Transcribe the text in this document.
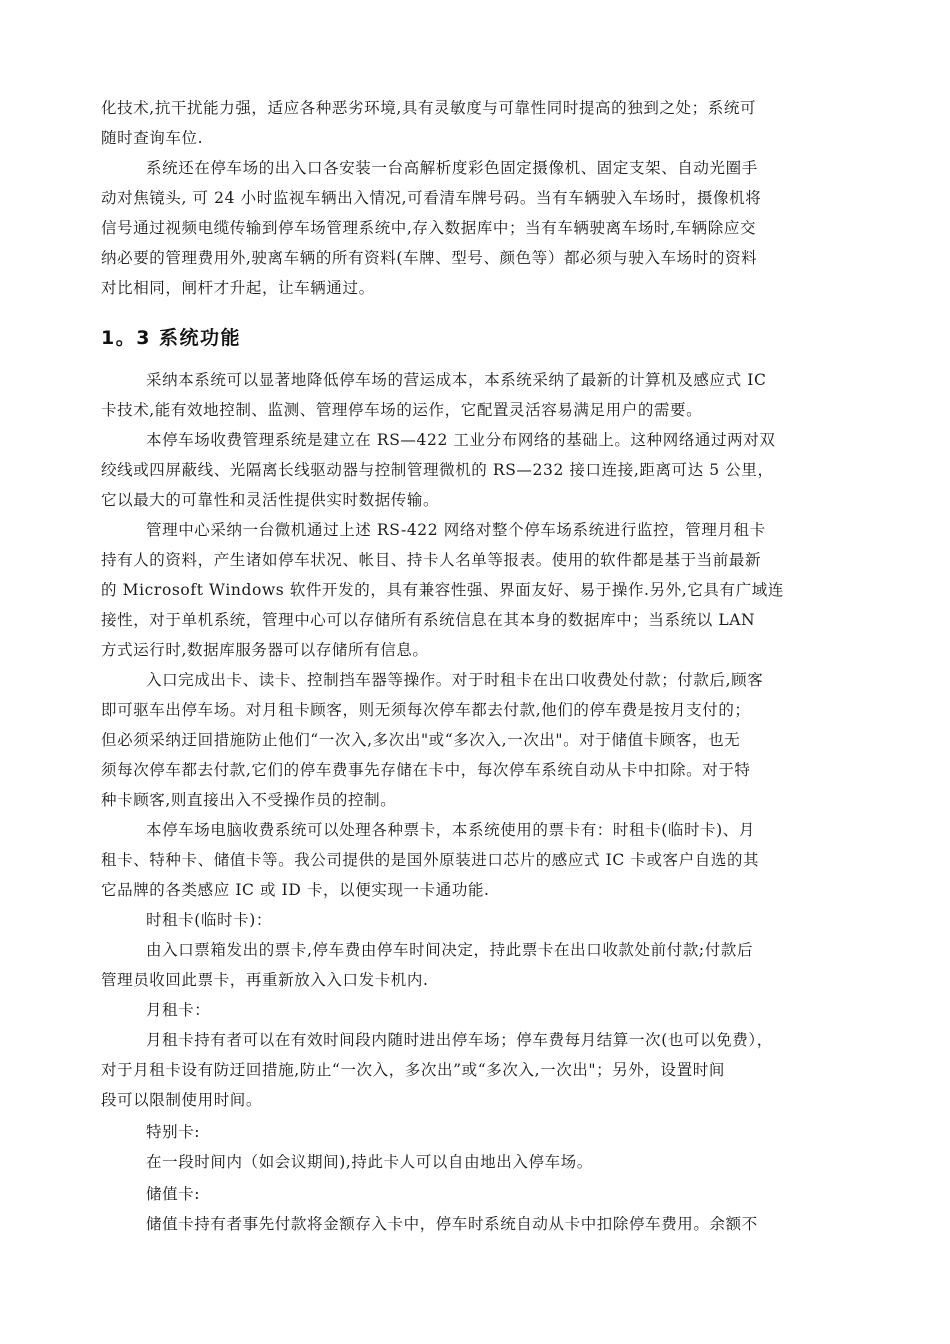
化技术,抗干扰能力强，适应各种恶劣环境,具有灵敏度与可靠性同时提高的独到之处；系统可
随时查询车位.
系统还在停车场的出入口各安装一台高解析度彩色固定摄像机、固定支架、自动光圈手
动对焦镜头, 可 24 小时监视车辆出入情况,可看清车牌号码。当有车辆驶入车场时，摄像机将
信号通过视频电缆传输到停车场管理系统中,存入数据库中；当有车辆驶离车场时,车辆除应交
纳必要的管理费用外,驶离车辆的所有资料(车牌、型号、颜色等）都必须与驶入车场时的资料
对比相同，闸杆才升起，让车辆通过。
1。3 系统功能
采纳本系统可以显著地降低停车场的营运成本，本系统采纳了最新的计算机及感应式 IC
卡技术,能有效地控制、监测、管理停车场的运作，它配置灵活容易满足用户的需要。
本停车场收费管理系统是建立在 RS—422 工业分布网络的基础上。这种网络通过两对双
绞线或四屏蔽线、光隔离长线驱动器与控制管理微机的 RS—232 接口连接,距离可达 5 公里，
它以最大的可靠性和灵活性提供实时数据传输。
管理中心采纳一台微机通过上述 RS-422 网络对整个停车场系统进行监控，管理月租卡
持有人的资料，产生诸如停车状况、帐目、持卡人名单等报表。使用的软件都是基于当前最新
的 Microsoft Windows 软件开发的，具有兼容性强、界面友好、易于操作.另外,它具有广域连
接性，对于单机系统，管理中心可以存储所有系统信息在其本身的数据库中；当系统以 LAN
方式运行时,数据库服务器可以存储所有信息。
入口完成出卡、读卡、控制挡车器等操作。对于时租卡在出口收费处付款；付款后,顾客
即可驱车出停车场。对月租卡顾客，则无须每次停车都去付款,他们的停车费是按月支付的；
但必须采纳迂回措施防止他们“一次入,多次出"或“多次入,一次出"。对于储值卡顾客，也无
须每次停车都去付款,它们的停车费事先存储在卡中，每次停车系统自动从卡中扣除。对于特
种卡顾客,则直接出入不受操作员的控制。
本停车场电脑收费系统可以处理各种票卡，本系统使用的票卡有：时租卡(临时卡)、月
租卡、特种卡、储值卡等。我公司提供的是国外原装进口芯片的感应式 IC 卡或客户自选的其
它品牌的各类感应 IC 或 ID 卡，以便实现一卡通功能.
时租卡(临时卡)：
由入口票箱发出的票卡,停车费由停车时间决定，持此票卡在出口收款处前付款;付款后
管理员收回此票卡，再重新放入入口发卡机内.
月租卡：
月租卡持有者可以在有效时间段内随时进出停车场；停车费每月结算一次(也可以免费），
对于月租卡设有防迂回措施,防止“一次入，多次出”或“多次入,一次出"；另外，设置时间
段可以限制使用时间。
特别卡:
在一段时间内（如会议期间),持此卡人可以自由地出入停车场。
储值卡:
储值卡持有者事先付款将金额存入卡中，停车时系统自动从卡中扣除停车费用。余额不
